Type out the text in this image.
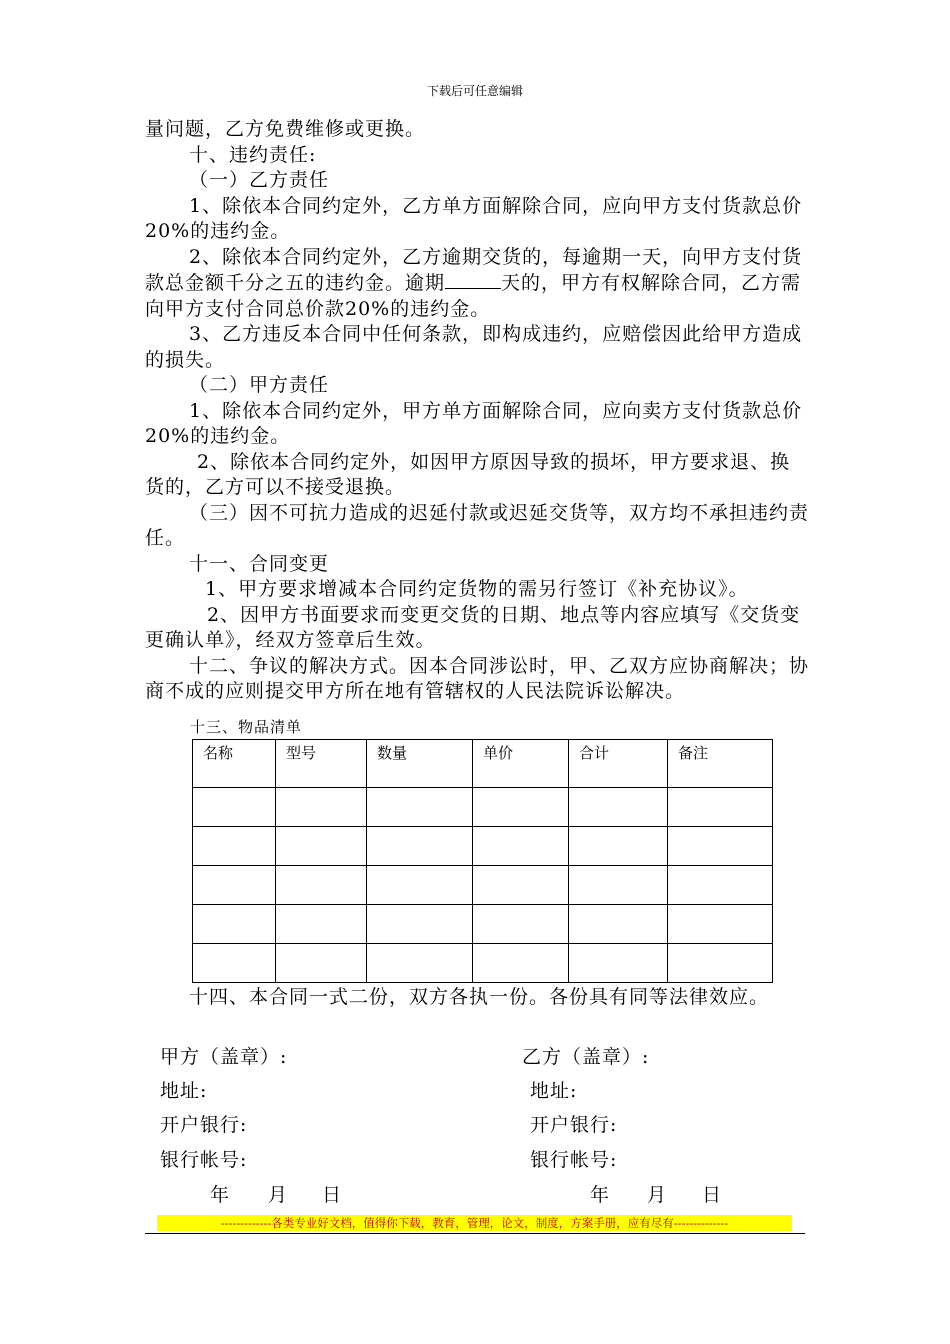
下载后可任意编辑

量问题，乙方免费维修或更换。

十、违约责任:

（一）乙方责任

1、除依本合同约定外，乙方单方面解除合同，应向甲方支付货款总价20%的违约金。

2、除依本合同约定外，乙方逾期交货的，每逾期一天，向甲方支付货款总金额千分之五的违约金。逾期	天的，甲方有权解除合同，乙方需向甲方支付合同总价款20%的违约金。

3、乙方违反本合同中任何条款，即构成违约，应赔偿因此给甲方造成的损失。

（二）甲方责任

1、除依本合同约定外，甲方单方面解除合同，应向卖方支付货款总价20%的违约金。

2、除依本合同约定外，如因甲方原因导致的损坏，甲方要求退、换货的，乙方可以不接受退换。

（三）因不可抗力造成的迟延付款或迟延交货等，双方均不承担违约责任。

十一、合同变更

1、甲方要求增减本合同约定货物的需另行签订《补充协议》。

2、因甲方书面要求而变更交货的日期、地点等内容应填写《交货变更确认单》，经双方签章后生效。

十二、争议的解决方式。因本合同涉讼时，甲、乙双方应协商解决；协商不成的应则提交甲方所在地有管辖权的人民法院诉讼解决。

十三、物品清单
名称	型号	数量	单价	合计	备注

十四、本合同一式二份，双方各执一份。各份具有同等法律效应。

甲方（盖章）:
地址:
开户银行:
银行帐号:
年 月 日
乙方（盖章）:
地址:
开户银行:
银行帐号:
年 月 日
-------------各类专业好文档，值得你下载，教育，管理，论文，制度，方案手册，应有尽有--------------
